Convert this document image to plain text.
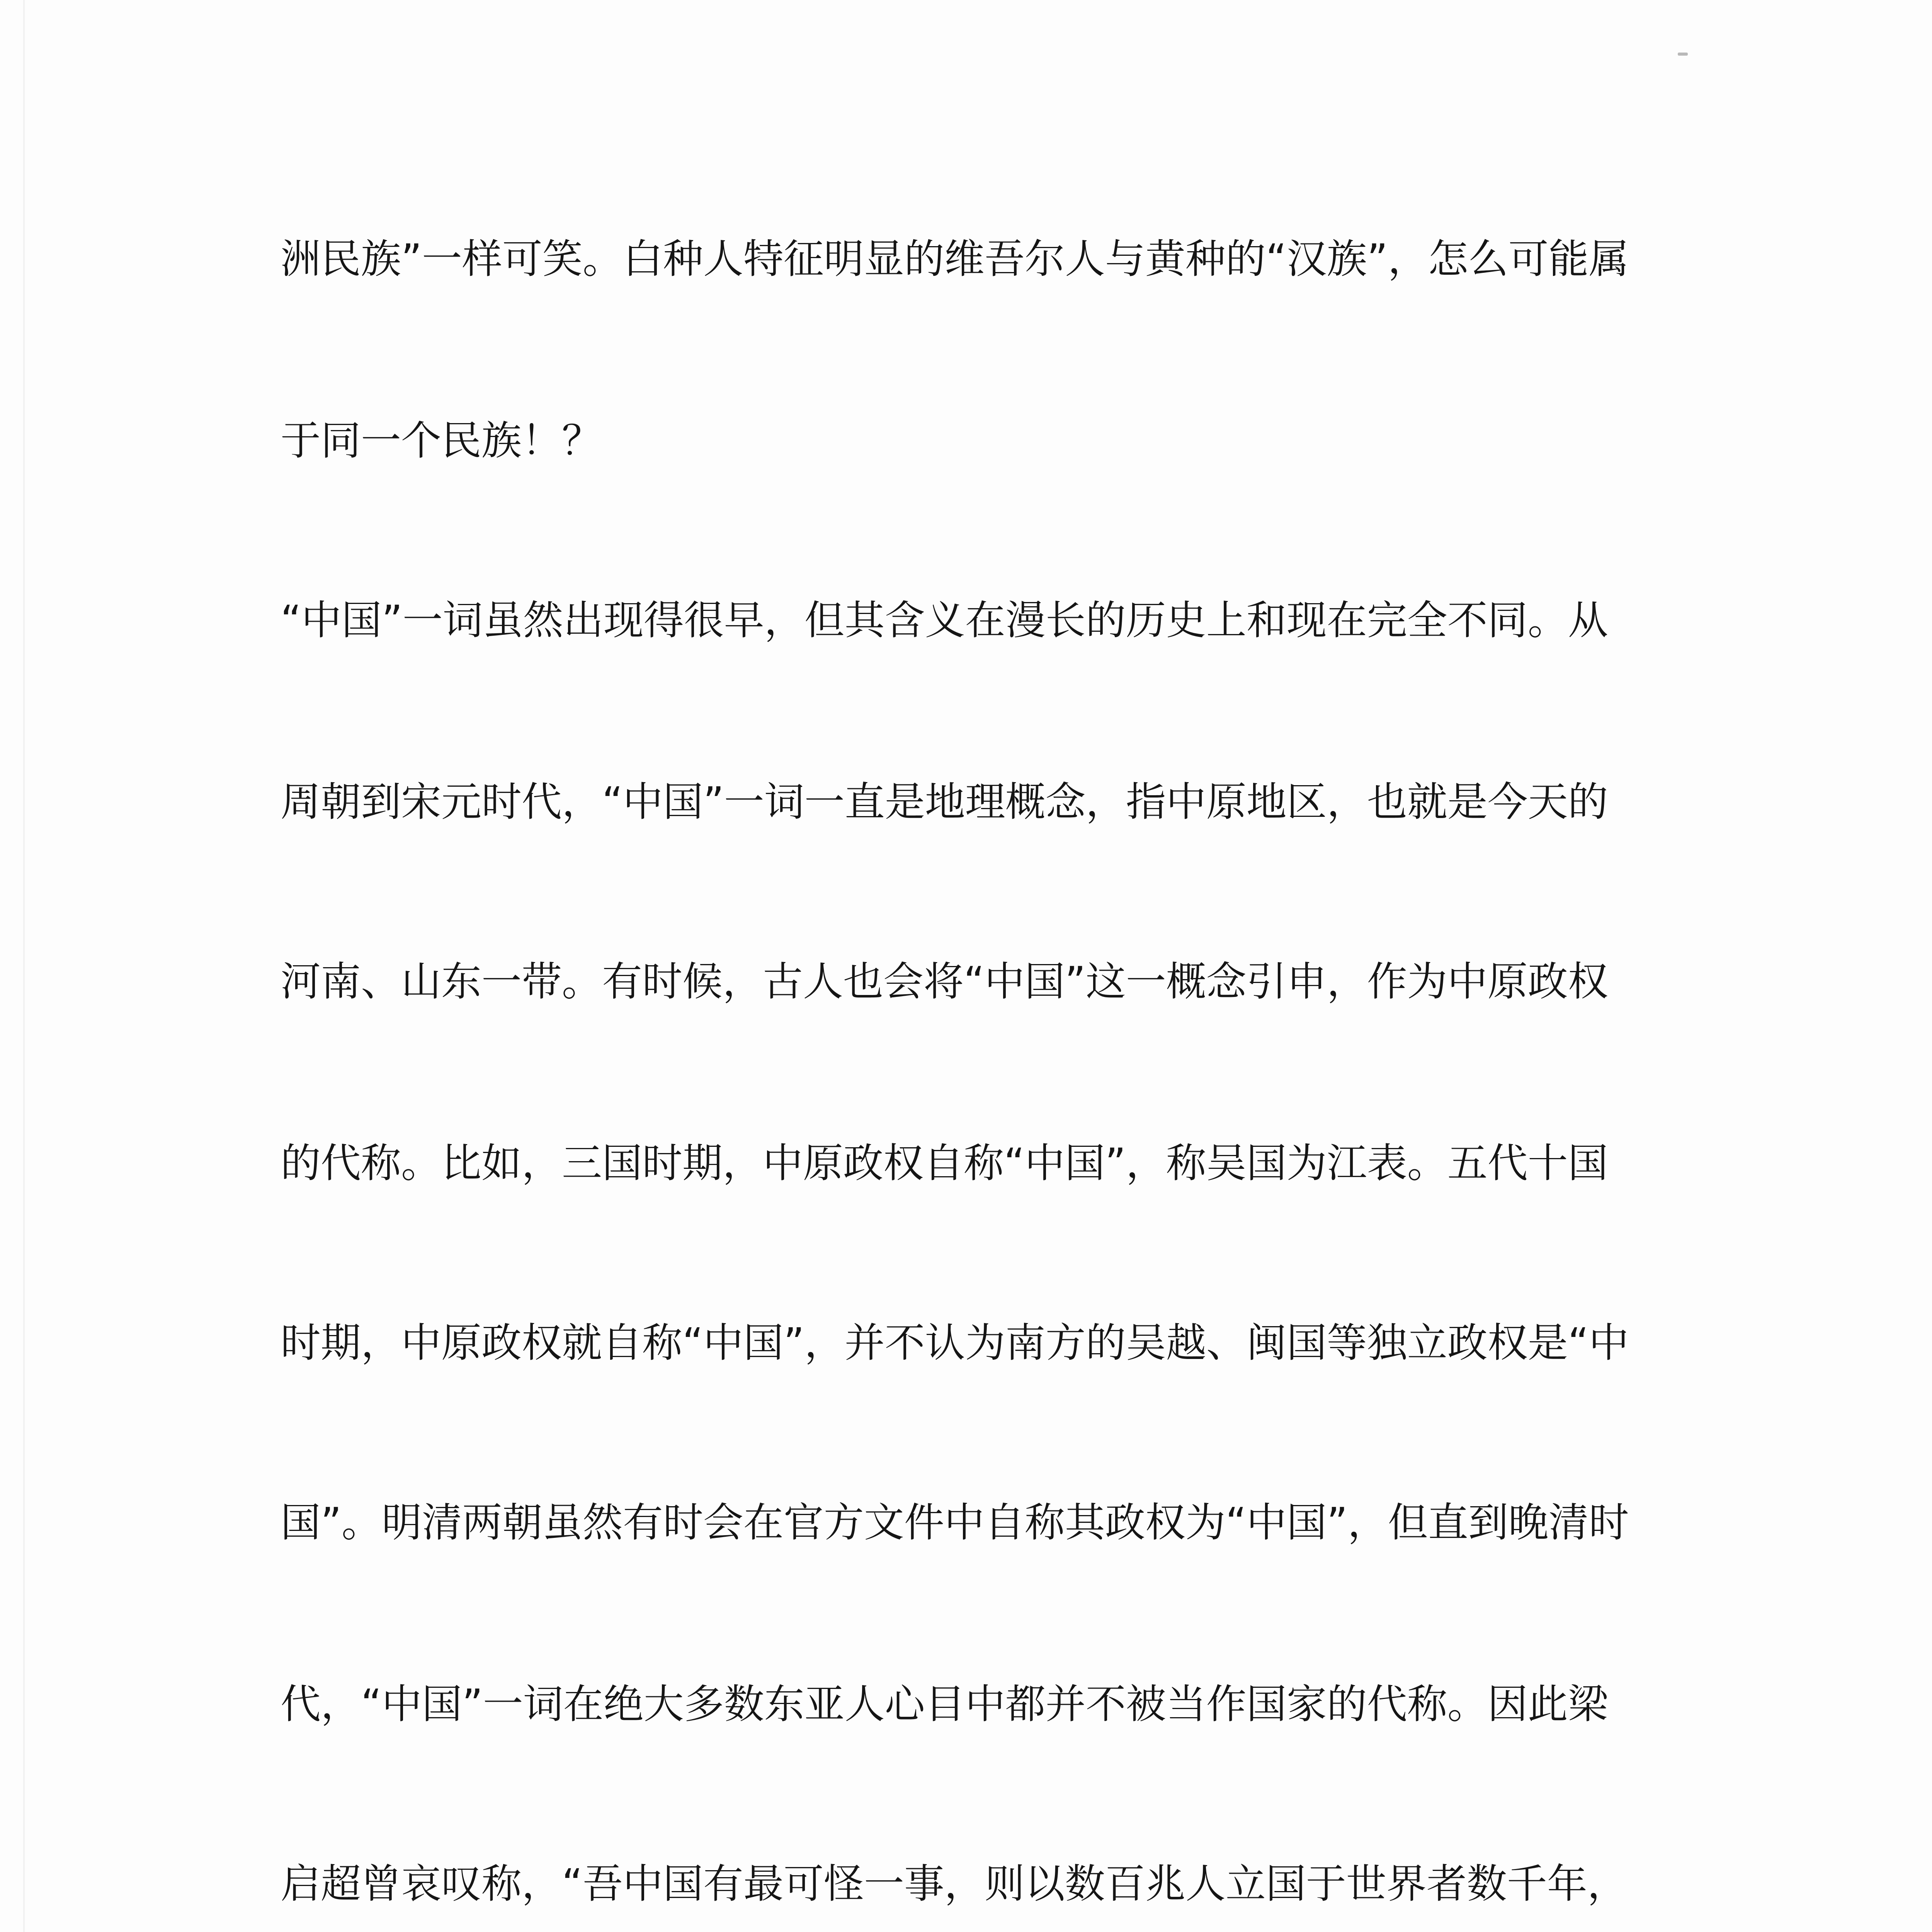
洲民族”一样可笑。白种人特征明显的维吾尔人与黄种的“汉族”，怎么可能属
于同一个民族！？
“中国”一词虽然出现得很早，但其含义在漫长的历史上和现在完全不同。从
周朝到宋元时代，“中国”一词一直是地理概念，指中原地区，也就是今天的
河南、山东一带。有时候，古人也会将“中国”这一概念引申，作为中原政权
的代称。比如，三国时期，中原政权自称“中国”，称吴国为江表。五代十国
时期，中原政权就自称“中国”，并不认为南方的吴越、闽国等独立政权是“中
国”。明清两朝虽然有时会在官方文件中自称其政权为“中国”，但直到晚清时
代，“中国”一词在绝大多数东亚人心目中都并不被当作国家的代称。因此梁
启超曾哀叹称，“吾中国有最可怪一事，则以数百兆人立国于世界者数千年，
